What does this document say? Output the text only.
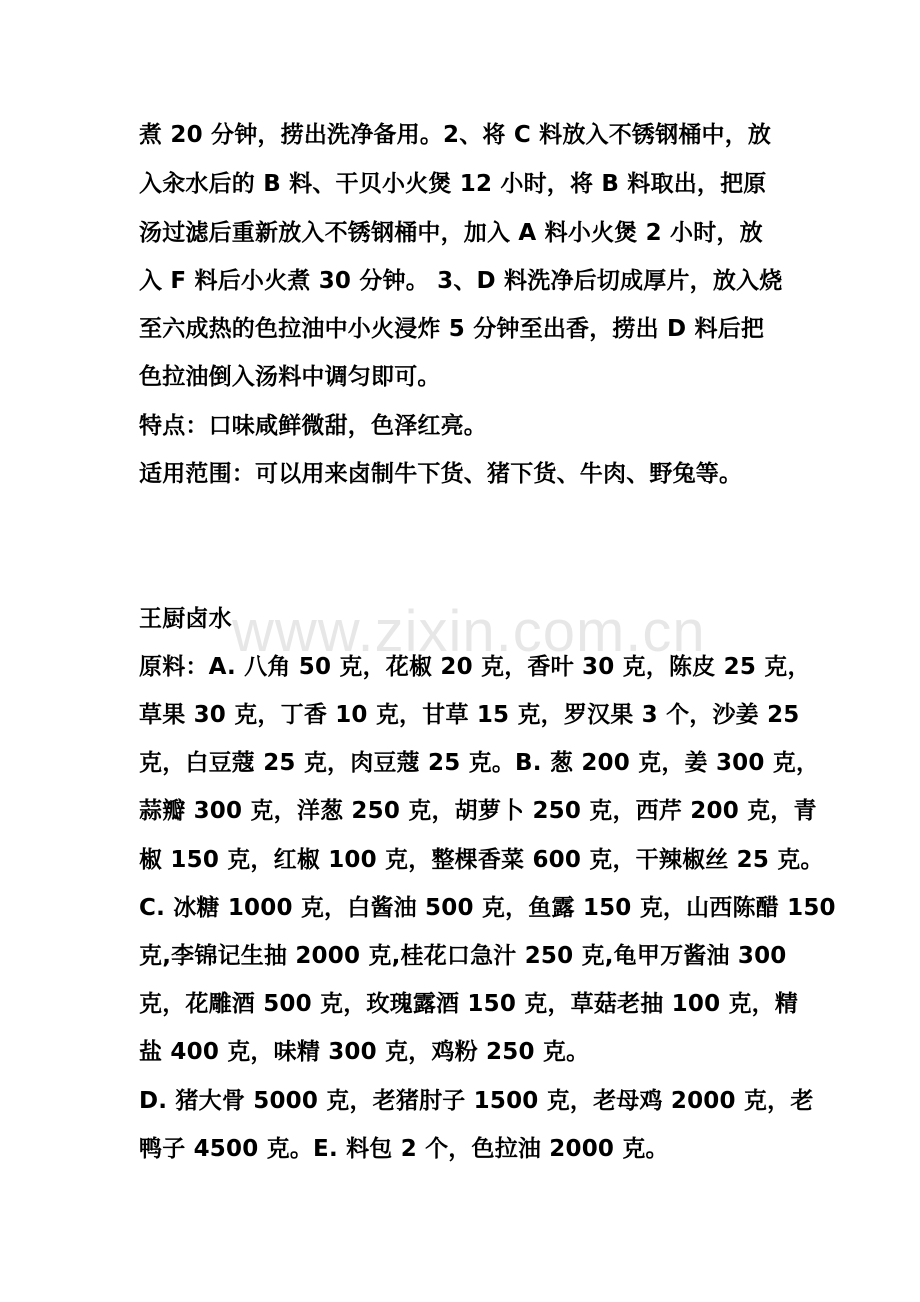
www.zixin.com.cn
煮 20 分钟，捞出洗净备用。2、将 C 料放入不锈钢桶中，放
入汆水后的 B 料、干贝小火煲 12 小时，将 B 料取出，把原
汤过滤后重新放入不锈钢桶中，加入 A 料小火煲 2 小时，放
入 F 料后小火煮 30 分钟。 3、D 料洗净后切成厚片，放入烧
至六成热的色拉油中小火浸炸 5 分钟至出香，捞出 D 料后把
色拉油倒入汤料中调匀即可。
特点：口味咸鲜微甜，色泽红亮。
适用范围：可以用来卤制牛下货、猪下货、牛肉、野兔等。
王厨卤水
原料：A. 八角 50 克，花椒 20 克，香叶 30 克，陈皮 25 克，
草果 30 克，丁香 10 克，甘草 15 克，罗汉果 3 个，沙姜 25
克，白豆蔻 25 克，肉豆蔻 25 克。B. 葱 200 克，姜 300 克，
蒜瓣 300 克，洋葱 250 克，胡萝卜 250 克，西芹 200 克，青
椒 150 克，红椒 100 克，整棵香菜 600 克，干辣椒丝 25 克。
C. 冰糖 1000 克，白酱油 500 克，鱼露 150 克，山西陈醋 150
克,李锦记生抽 2000 克,桂花口急汁 250 克,龟甲万酱油 300
克，花雕酒 500 克，玫瑰露酒 150 克，草菇老抽 100 克，精
盐 400 克，味精 300 克，鸡粉 250 克。
D. 猪大骨 5000 克，老猪肘子 1500 克，老母鸡 2000 克，老
鸭子 4500 克。E. 料包 2 个，色拉油 2000 克。
